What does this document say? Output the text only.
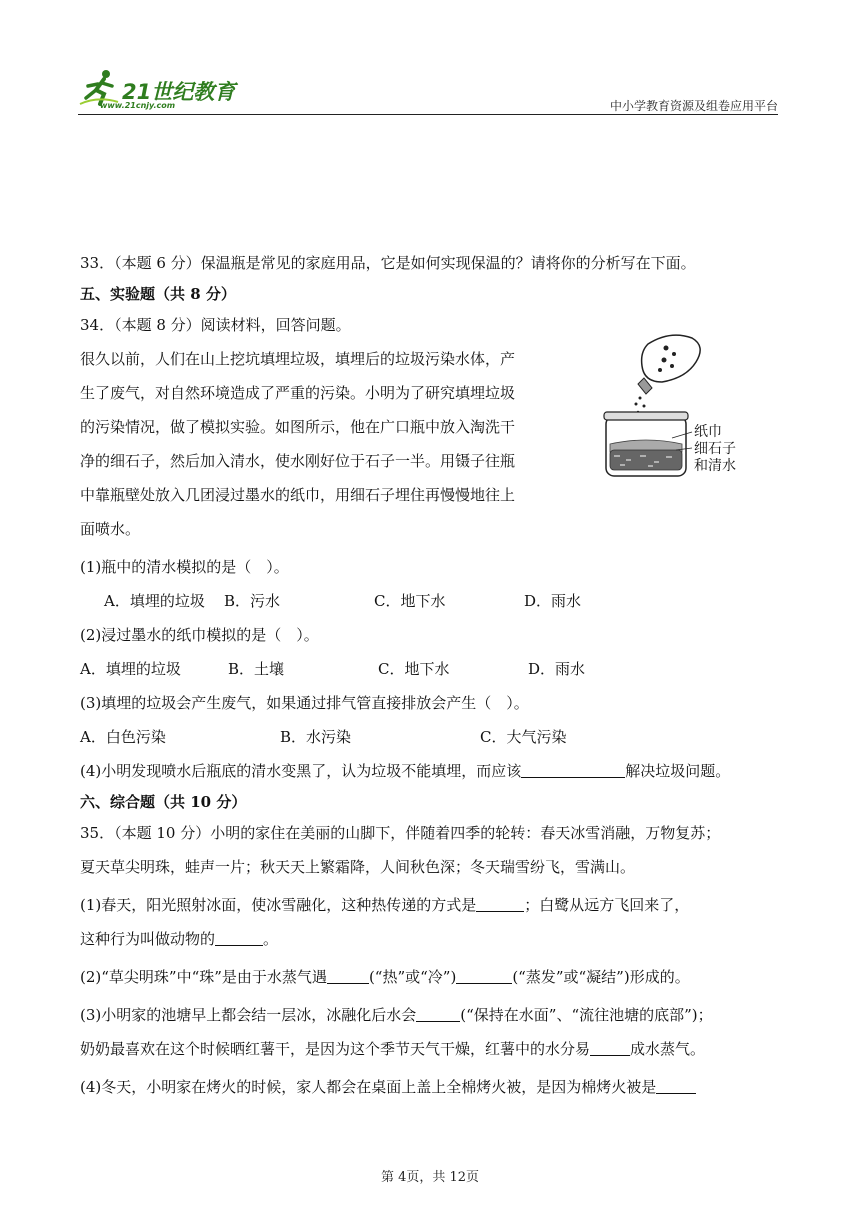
21世纪教育
www.21cnjy.com	中小学教育资源及组卷应用平台
33．（本题 6 分）保温瓶是常见的家庭用品，它是如何实现保温的？请将你的分析写在下面。
五、实验题（共 8 分）
34．（本题 8 分）阅读材料，回答问题。
很久以前，人们在山上挖坑填埋垃圾，填埋后的垃圾污染水体，产
生了废气，对自然环境造成了严重的污染。小明为了研究填埋垃圾
的污染情况，做了模拟实验。如图所示，他在广口瓶中放入淘洗干
净的细石子，然后加入清水，使水刚好位于石子一半。用镊子往瓶
中靠瓶壁处放入几团浸过墨水的纸巾，用细石子埋住再慢慢地往上
面喷水。
(1)瓶中的清水模拟的是（　）。
A．填埋的垃圾 B．污水	C．地下水	D．雨水
(2)浸过墨水的纸巾模拟的是（　）。
A．填埋的垃圾	B．土壤	C．地下水	D．雨水
(3)填埋的垃圾会产生废气，如果通过排气管直接排放会产生（　）。
A．白色污染	B．水污染	C．大气污染
(4)小明发现喷水后瓶底的清水变黑了，认为垃圾不能填埋，而应该	解决垃圾问题。
六、综合题（共 10 分）
35．（本题 10 分）小明的家住在美丽的山脚下，伴随着四季的轮转：春天冰雪消融，万物复苏；
夏天草尖明珠，蛙声一片；秋天天上繁霜降，人间秋色深；冬天瑞雪纷飞，雪满山。
(1)春天，阳光照射冰面，使冰雪融化，这种热传递的方式是	；白鹭从远方飞回来了，
这种行为叫做动物的	。
(2)“草尖明珠”中“珠”是由于水蒸气遇	(“热”或“冷”)	(“蒸发”或“凝结”)形成的。
(3)小明家的池塘早上都会结一层冰，冰融化后水会	(“保持在水面”、“流往池塘的底部”)；
奶奶最喜欢在这个时候晒红薯干，是因为这个季节天气干燥，红薯中的水分易	成水蒸气。
(4)冬天，小明家在烤火的时候，家人都会在桌面上盖上全棉烤火被，是因为棉烤火被是
纸巾
细石子
和清水
第 4页，共 12页
